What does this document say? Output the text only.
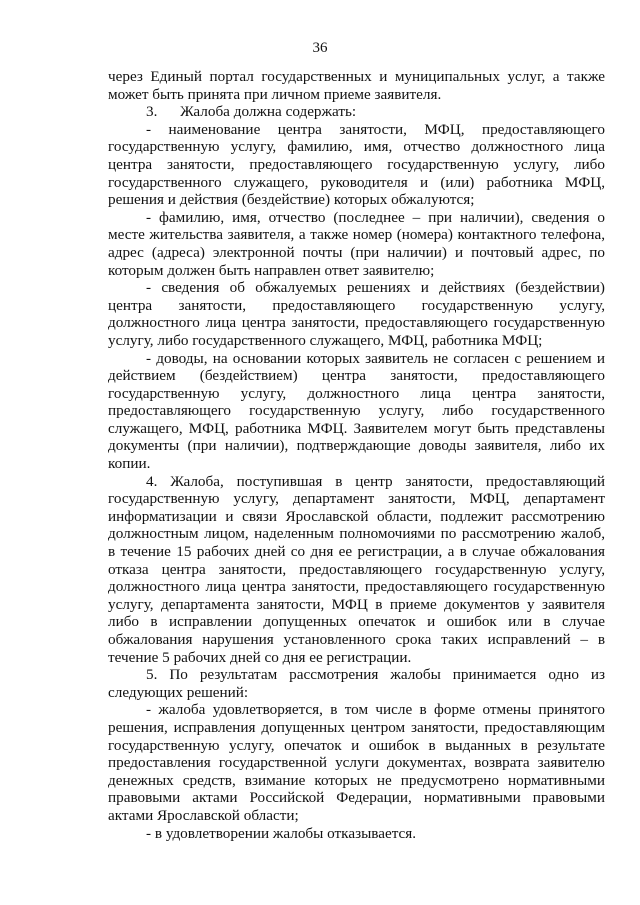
36

через Единый портал государственных и муниципальных услуг, а также может быть принята при личном приеме заявителя.

3.      Жалоба должна содержать:

- наименование центра занятости, МФЦ, предоставляющего государственную услугу, фамилию, имя, отчество должностного лица центра занятости, предоставляющего государственную услугу, либо государственного служащего, руководителя и (или) работника МФЦ, решения и действия (бездействие) которых обжалуются;

- фамилию, имя, отчество (последнее – при наличии), сведения о месте жительства заявителя, а также номер (номера) контактного телефона, адрес (адреса) электронной почты (при наличии) и почтовый адрес, по которым должен быть направлен ответ заявителю;

- сведения об обжалуемых решениях и действиях (бездействии) центра занятости, предоставляющего государственную услугу, должностного лица центра занятости, предоставляющего государственную услугу, либо государственного служащего, МФЦ, работника МФЦ;

- доводы, на основании которых заявитель не согласен с решением и действием (бездействием) центра занятости, предоставляющего государственную услугу, должностного лица центра занятости, предоставляющего государственную услугу, либо государственного служащего, МФЦ, работника МФЦ. Заявителем могут быть представлены документы (при наличии), подтверждающие доводы заявителя, либо их копии.

4. Жалоба, поступившая в центр занятости, предоставляющий государственную услугу, департамент занятости, МФЦ, департамент информатизации и связи Ярославской области, подлежит рассмотрению должностным лицом, наделенным полномочиями по рассмотрению жалоб, в течение 15 рабочих дней со дня ее регистрации, а в случае обжалования отказа центра занятости, предоставляющего государственную услугу, должностного лица центра занятости, предоставляющего государственную услугу, департамента занятости, МФЦ в приеме документов у заявителя либо в исправлении допущенных опечаток и ошибок или в случае обжалования нарушения установленного срока таких исправлений – в течение 5 рабочих дней со дня ее регистрации.

5. По результатам рассмотрения жалобы принимается одно из следующих решений:

- жалоба удовлетворяется, в том числе в форме отмены принятого решения, исправления допущенных центром занятости, предоставляющим государственную услугу, опечаток и ошибок в выданных в результате предоставления государственной услуги документах, возврата заявителю денежных средств, взимание которых не предусмотрено нормативными правовыми актами Российской Федерации, нормативными правовыми актами Ярославской области;

- в удовлетворении жалобы отказывается.
